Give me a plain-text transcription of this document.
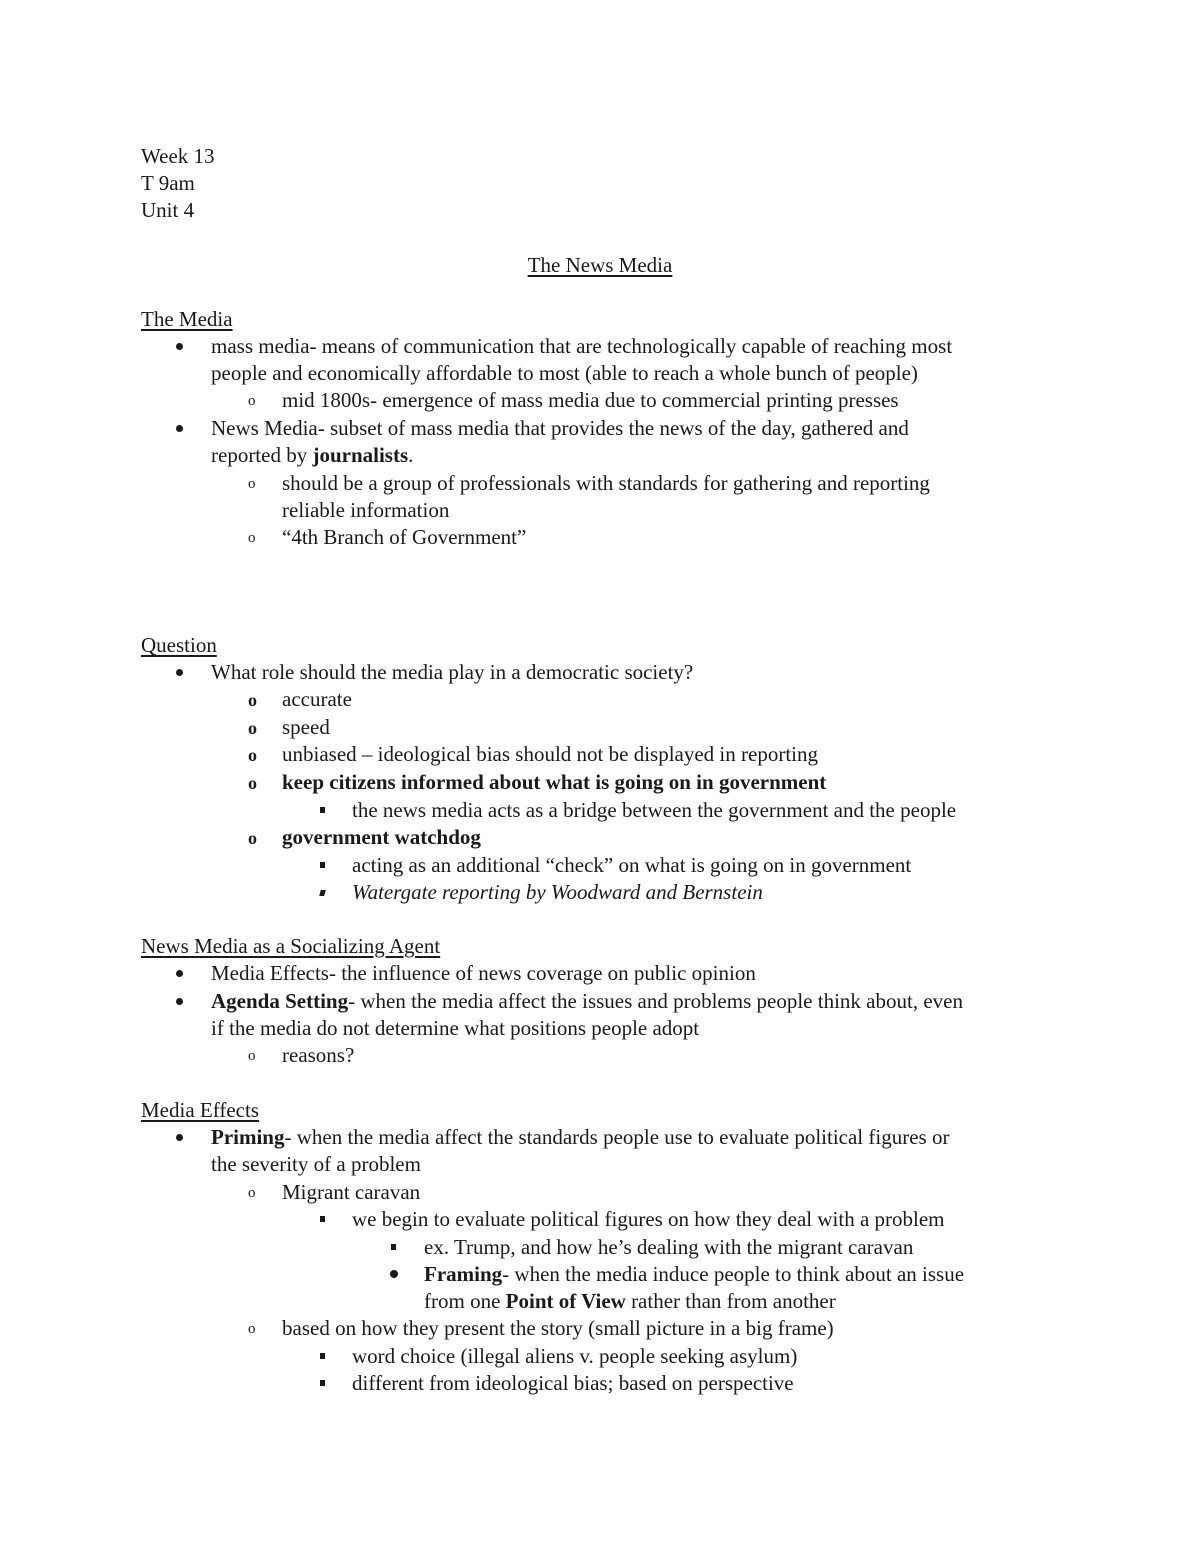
Week 13
T 9am
Unit 4
The News Media
The Media
mass media- means of communication that are technologically capable of reaching most
people and economically affordable to most (able to reach a whole bunch of people)
o mid 1800s- emergence of mass media due to commercial printing presses
News Media- subset of mass media that provides the news of the day, gathered and
reported by journalists.
o should be a group of professionals with standards for gathering and reporting
reliable information
o “4th Branch of Government”
Question
What role should the media play in a democratic society?
o accurate
o speed
o unbiased – ideological bias should not be displayed in reporting
o keep citizens informed about what is going on in government
the news media acts as a bridge between the government and the people
o government watchdog
acting as an additional “check” on what is going on in government
Watergate reporting by Woodward and Bernstein
News Media as a Socializing Agent
Media Effects- the influence of news coverage on public opinion
Agenda Setting- when the media affect the issues and problems people think about, even
if the media do not determine what positions people adopt
o reasons?
Media Effects
Priming- when the media affect the standards people use to evaluate political figures or
the severity of a problem
o Migrant caravan
we begin to evaluate political figures on how they deal with a problem
ex. Trump, and how he’s dealing with the migrant caravan
Framing- when the media induce people to think about an issue
from one Point of View rather than from another
o based on how they present the story (small picture in a big frame)
word choice (illegal aliens v. people seeking asylum)
different from ideological bias; based on perspective
